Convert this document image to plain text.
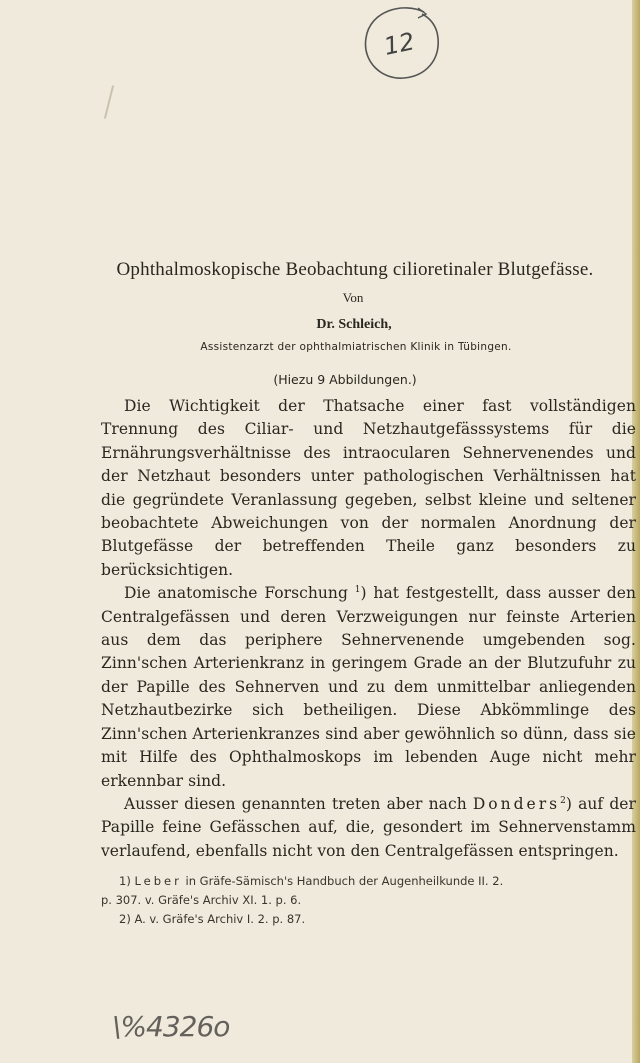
12
Ophthalmoskopische Beobachtung cilioretinaler Blutgefässe.
Von
Dr. Schleich,
Assistenzarzt der ophthalmiatrischen Klinik in Tübingen.
(Hiezu 9 Abbildungen.)

Die Wichtigkeit der Thatsache einer fast vollständigen Trennung des Ciliar- und Netzhautgefässsystems für die Ernährungsverhältnisse des intraocularen Sehnervenendes und der Netzhaut besonders unter pathologischen Verhältnissen hat die gegründete Veranlassung gegeben, selbst kleine und seltener beobachtete Abweichungen von der normalen Anordnung der Blutgefässe der betreffenden Theile ganz besonders zu berücksichtigen.

Die anatomische Forschung $^1$) hat festgestellt, dass ausser den Centralgefässen und deren Verzweigungen nur feinste Arterien aus dem das periphere Sehnervenende umgebenden sog. Zinn'schen Arterienkranz in geringem Grade an der Blutzufuhr zu der Papille des Sehnerven und zu dem unmittelbar anliegenden Netzhautbezirke sich betheiligen. Diese Abkömmlinge des Zinn'schen Arterienkranzes sind aber gewöhnlich so dünn, dass sie mit Hilfe des Ophthalmoskops im lebenden Auge nicht mehr erkennbar sind.

Ausser diesen genannten treten aber nach Donders$^2$) auf der Papille feine Gefässchen auf, die, gesondert im Sehnervenstamm verlaufend, ebenfalls nicht von den Centralgefässen entspringen.

1) Leber in Gräfe-Sämisch's Handbuch der Augenheilkunde II. 2.

p. 307. v. Gräfe's Archiv XI. 1. p. 6.

2) A. v. Gräfe's Archiv I. 2. p. 87.

\%4326o
